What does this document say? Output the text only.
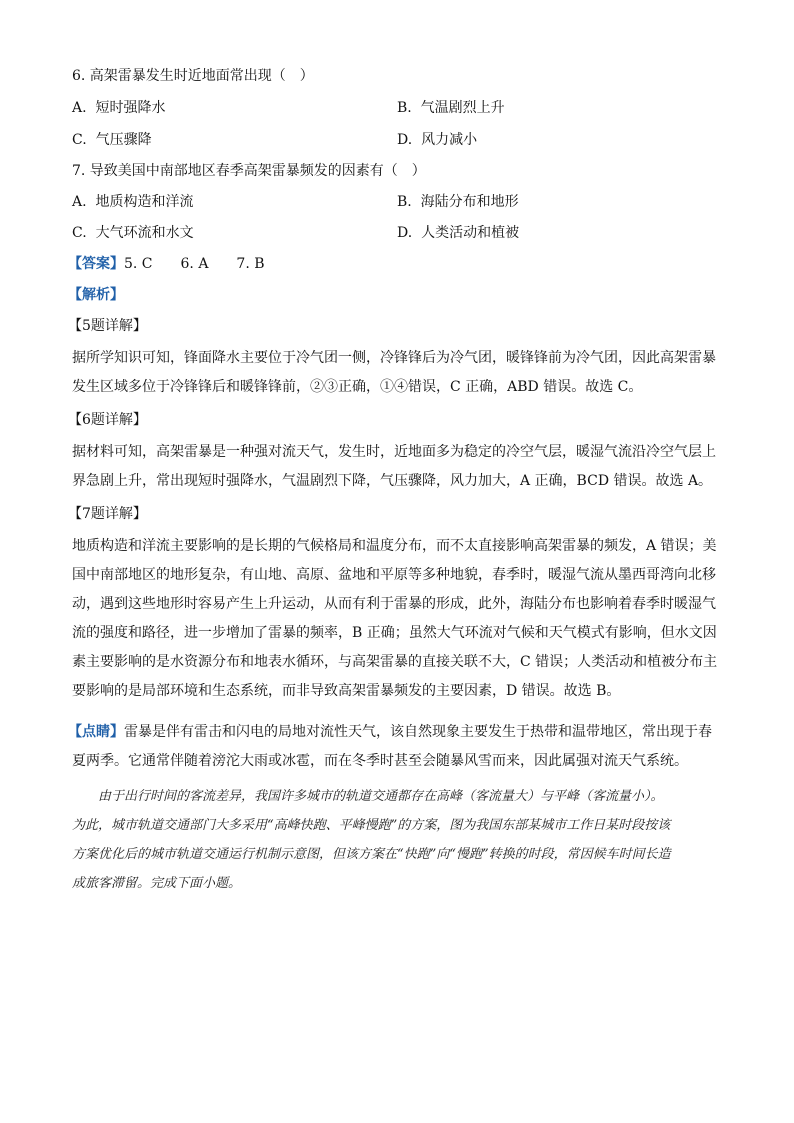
6. 高架雷暴发生时近地面常出现（　）
A. 短时强降水	B. 气温剧烈上升
C. 气压骤降	D. 风力减小
7. 导致美国中南部地区春季高架雷暴频发的因素有（　）
A. 地质构造和洋流	B. 海陆分布和地形
C. 大气环流和水文	D. 人类活动和植被
【答案】5. C　　6. A　　7. B
【解析】
【5题详解】
据所学知识可知，锋面降水主要位于冷气团一侧，冷锋锋后为冷气团，暖锋锋前为冷气团，因此高架雷暴
发生区域多位于冷锋锋后和暖锋锋前，②③正确，①④错误，C 正确，ABD 错误。故选 C。
【6题详解】
据材料可知，高架雷暴是一种强对流天气，发生时，近地面多为稳定的冷空气层，暖湿气流沿冷空气层上
界急剧上升，常出现短时强降水，气温剧烈下降，气压骤降，风力加大，A 正确，BCD 错误。故选 A。
【7题详解】
地质构造和洋流主要影响的是长期的气候格局和温度分布，而不太直接影响高架雷暴的频发，A 错误；美
国中南部地区的地形复杂，有山地、高原、盆地和平原等多种地貌，春季时，暖湿气流从墨西哥湾向北移
动，遇到这些地形时容易产生上升运动，从而有利于雷暴的形成，此外，海陆分布也影响着春季时暖湿气
流的强度和路径，进一步增加了雷暴的频率，B 正确；虽然大气环流对气候和天气模式有影响，但水文因
素主要影响的是水资源分布和地表水循环，与高架雷暴的直接关联不大，C 错误；人类活动和植被分布主
要影响的是局部环境和生态系统，而非导致高架雷暴频发的主要因素，D 错误。故选 B。
【点睛】雷暴是伴有雷击和闪电的局地对流性天气，该自然现象主要发生于热带和温带地区，常出现于春
夏两季。它通常伴随着滂沱大雨或冰雹，而在冬季时甚至会随暴风雪而来，因此属强对流天气系统。
　　由于出行时间的客流差异，我国许多城市的轨道交通都存在高峰（客流量大）与平峰（客流量小）。
为此，城市轨道交通部门大多采用“高峰快跑、平峰慢跑”的方案，图为我国东部某城市工作日某时段按该
方案优化后的城市轨道交通运行机制示意图，但该方案在“快跑”向“慢跑”转换的时段，常因候车时间长造
成旅客滞留。完成下面小题。
